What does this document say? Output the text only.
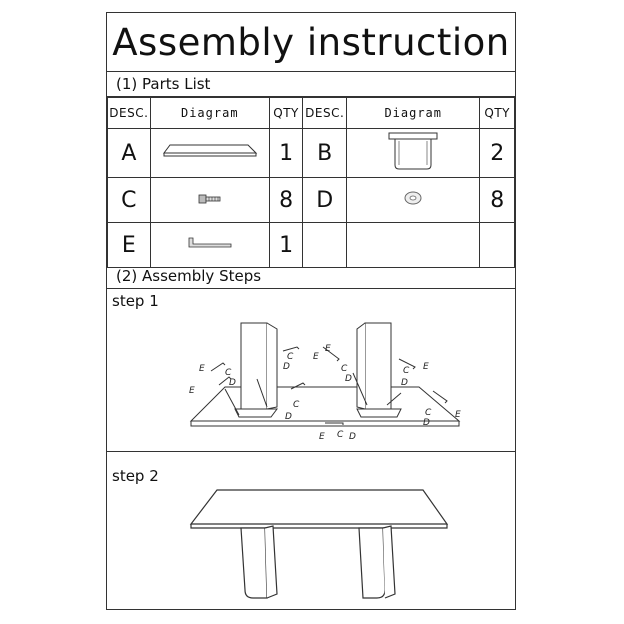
Assembly instruction
(1) Parts List
DESC.	Diagram	QTY	DESC.	Diagram	QTY
A		1	B		2
C		8	D		8
E		1			
(2) Assembly Steps
step 1
E C
D
E
C
D
E
C
D
E
C
D
E
C
D
E
C
D
E C D
step 2
